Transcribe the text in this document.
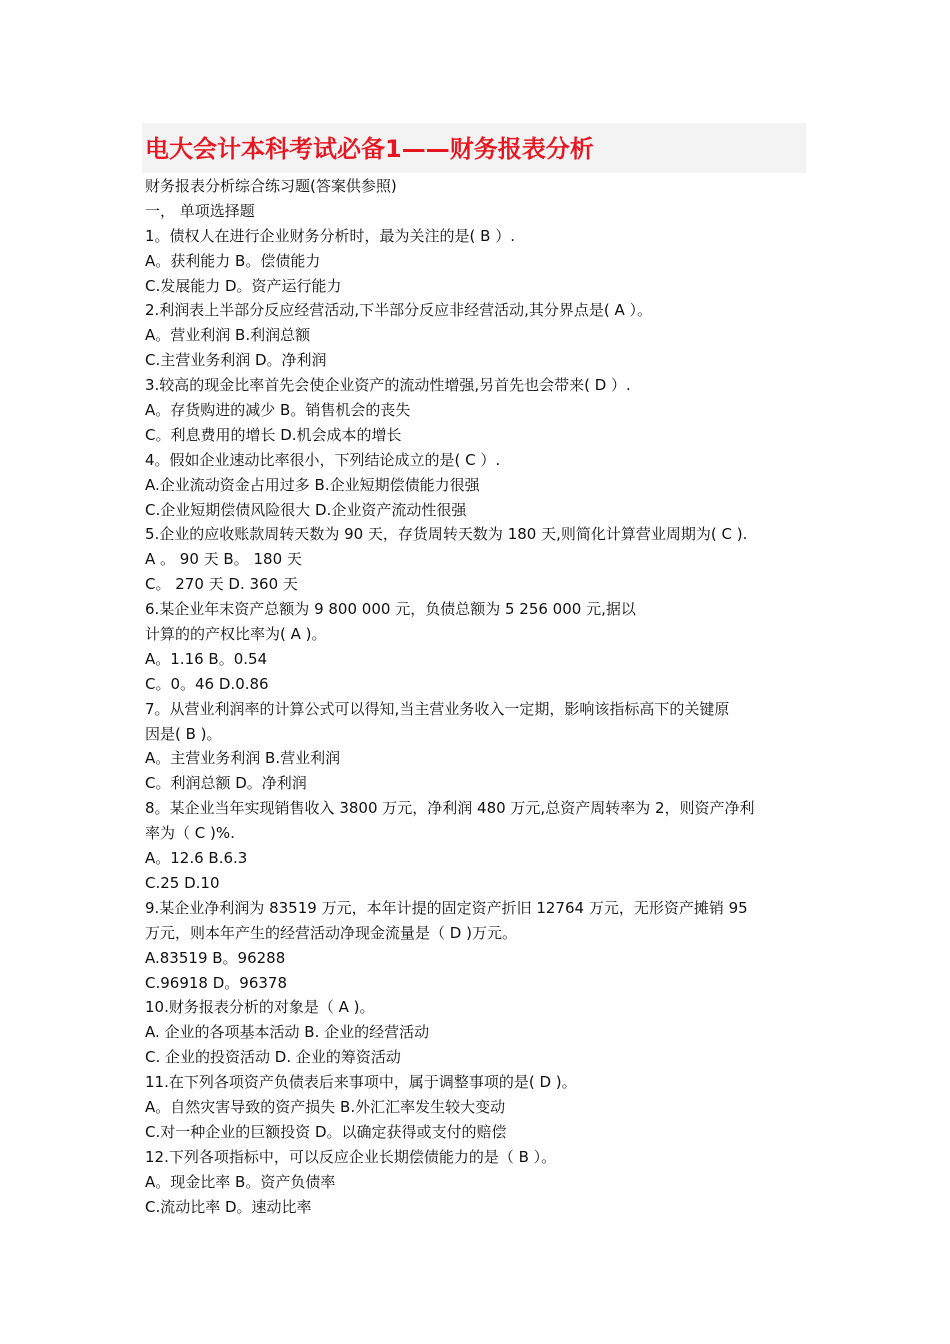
电大会计本科考试必备1——财务报表分析
财务报表分析综合练习题(答案供参照)
一， 单项选择题
1。债权人在进行企业财务分析时，最为关注的是( B ）.
A。获利能力 B。偿债能力
C.发展能力 D。资产运行能力
2.利润表上半部分反应经营活动,下半部分反应非经营活动,其分界点是( A ）。
A。营业利润 B.利润总额
C.主营业务利润 D。净利润
3.较高的现金比率首先会使企业资产的流动性增强,另首先也会带来( D ）.
A。存货购进的减少 B。销售机会的丧失
C。利息费用的增长 D.机会成本的增长
4。假如企业速动比率很小，下列结论成立的是( C ）.
A.企业流动资金占用过多 B.企业短期偿债能力很强
C.企业短期偿债风险很大 D.企业资产流动性很强
5.企业的应收账款周转天数为 90 天，存货周转天数为 180 天,则简化计算营业周期为( C ).
A 。 90 天 B。 180 天
C。 270 天 D. 360 天
6.某企业年末资产总额为 9 800 000 元，负债总额为 5 256 000 元,据以
计算的的产权比率为( A )。
A。1.16 B。0.54
C。0。46 D.0.86
7。从营业利润率的计算公式可以得知,当主营业务收入一定期，影响该指标高下的关键原
因是( B )。
A。主营业务利润 B.营业利润
C。利润总额 D。净利润
8。某企业当年实现销售收入 3800 万元，净利润 480 万元,总资产周转率为 2，则资产净利
率为（ C )%.
A。12.6 B.6.3
C.25 D.10
9.某企业净利润为 83519 万元，本年计提的固定资产折旧 12764 万元，无形资产摊销 95
万元，则本年产生的经营活动净现金流量是（ D )万元。
A.83519 B。96288
C.96918 D。96378
10.财务报表分析的对象是（ A )。
A. 企业的各项基本活动 B. 企业的经营活动
C. 企业的投资活动 D. 企业的筹资活动
11.在下列各项资产负债表后来事项中，属于调整事项的是( D )。
A。自然灾害导致的资产损失 B.外汇汇率发生较大变动
C.对一种企业的巨额投资 D。以确定获得或支付的赔偿
12.下列各项指标中，可以反应企业长期偿债能力的是（ B ）。
A。现金比率 B。资产负债率
C.流动比率 D。速动比率
